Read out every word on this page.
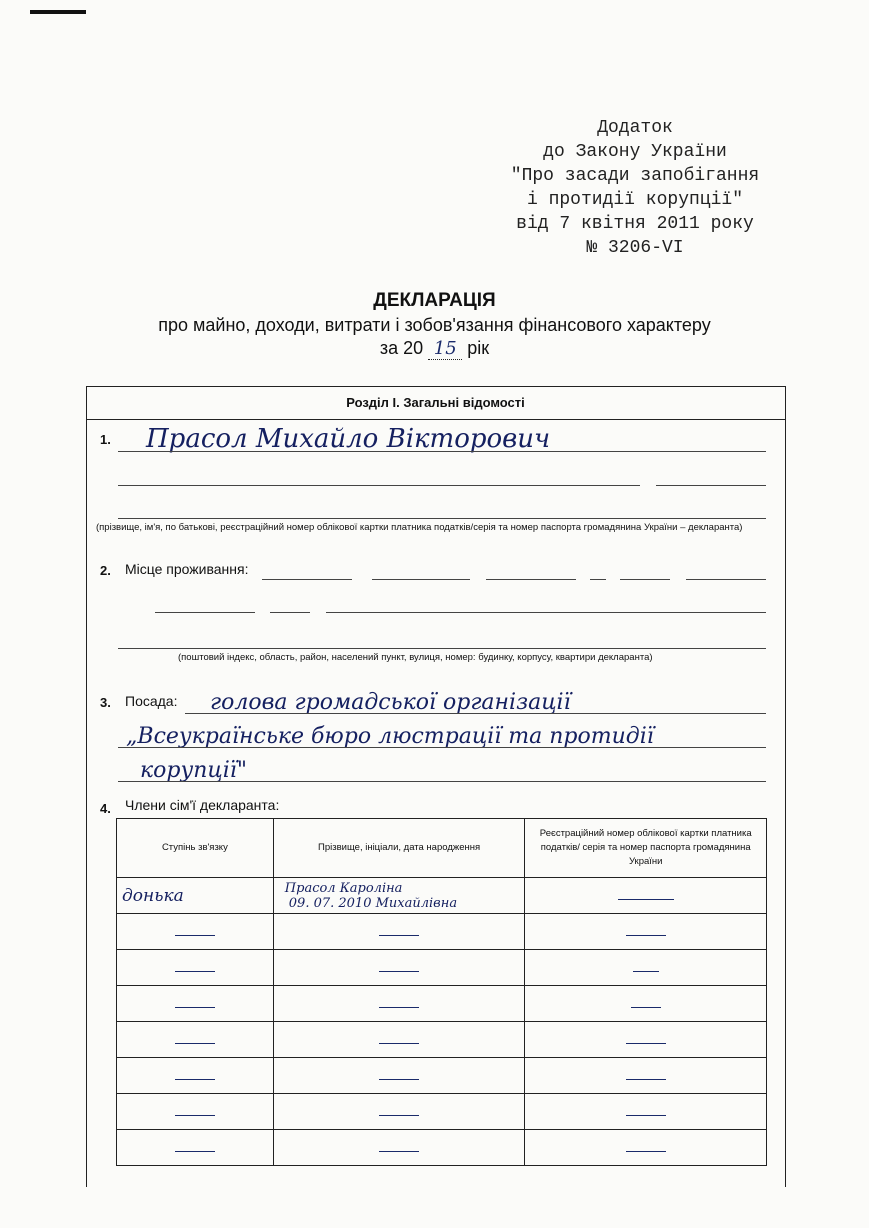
Додаток
до Закону України
"Про засади запобігання
і протидії корупції"
від 7 квітня 2011 року
№ 3206-VI
ДЕКЛАРАЦІЯ
про майно, доходи, витрати і зобов'язання фінансового характеру
за 20 15 рік
Розділ І. Загальні відомості
1. Прасол Михайло Вікторович
(прізвище, ім'я, по батькові, реєстраційний номер облікової картки платника податків/серія та номер паспорта громадянина України – декларанта)
2. Місце проживання:
(поштовий індекс, область, район, населений пункт, вулиця, номер: будинку, корпусу, квартири декларанта)
3. Посада: голова громадської організації
„Всеукраїнське бюро люстрації та протидії
корупції"
4. Члени сім'ї декларанта:
Ступінь зв'язку	Прізвище, ініціали, дата народження	Реєстраційний номер облікової картки платника податків/ серія та номер паспорта громадянина України
донька	Прасол Каролiна
09. 07. 2010 Михайлiвна	
